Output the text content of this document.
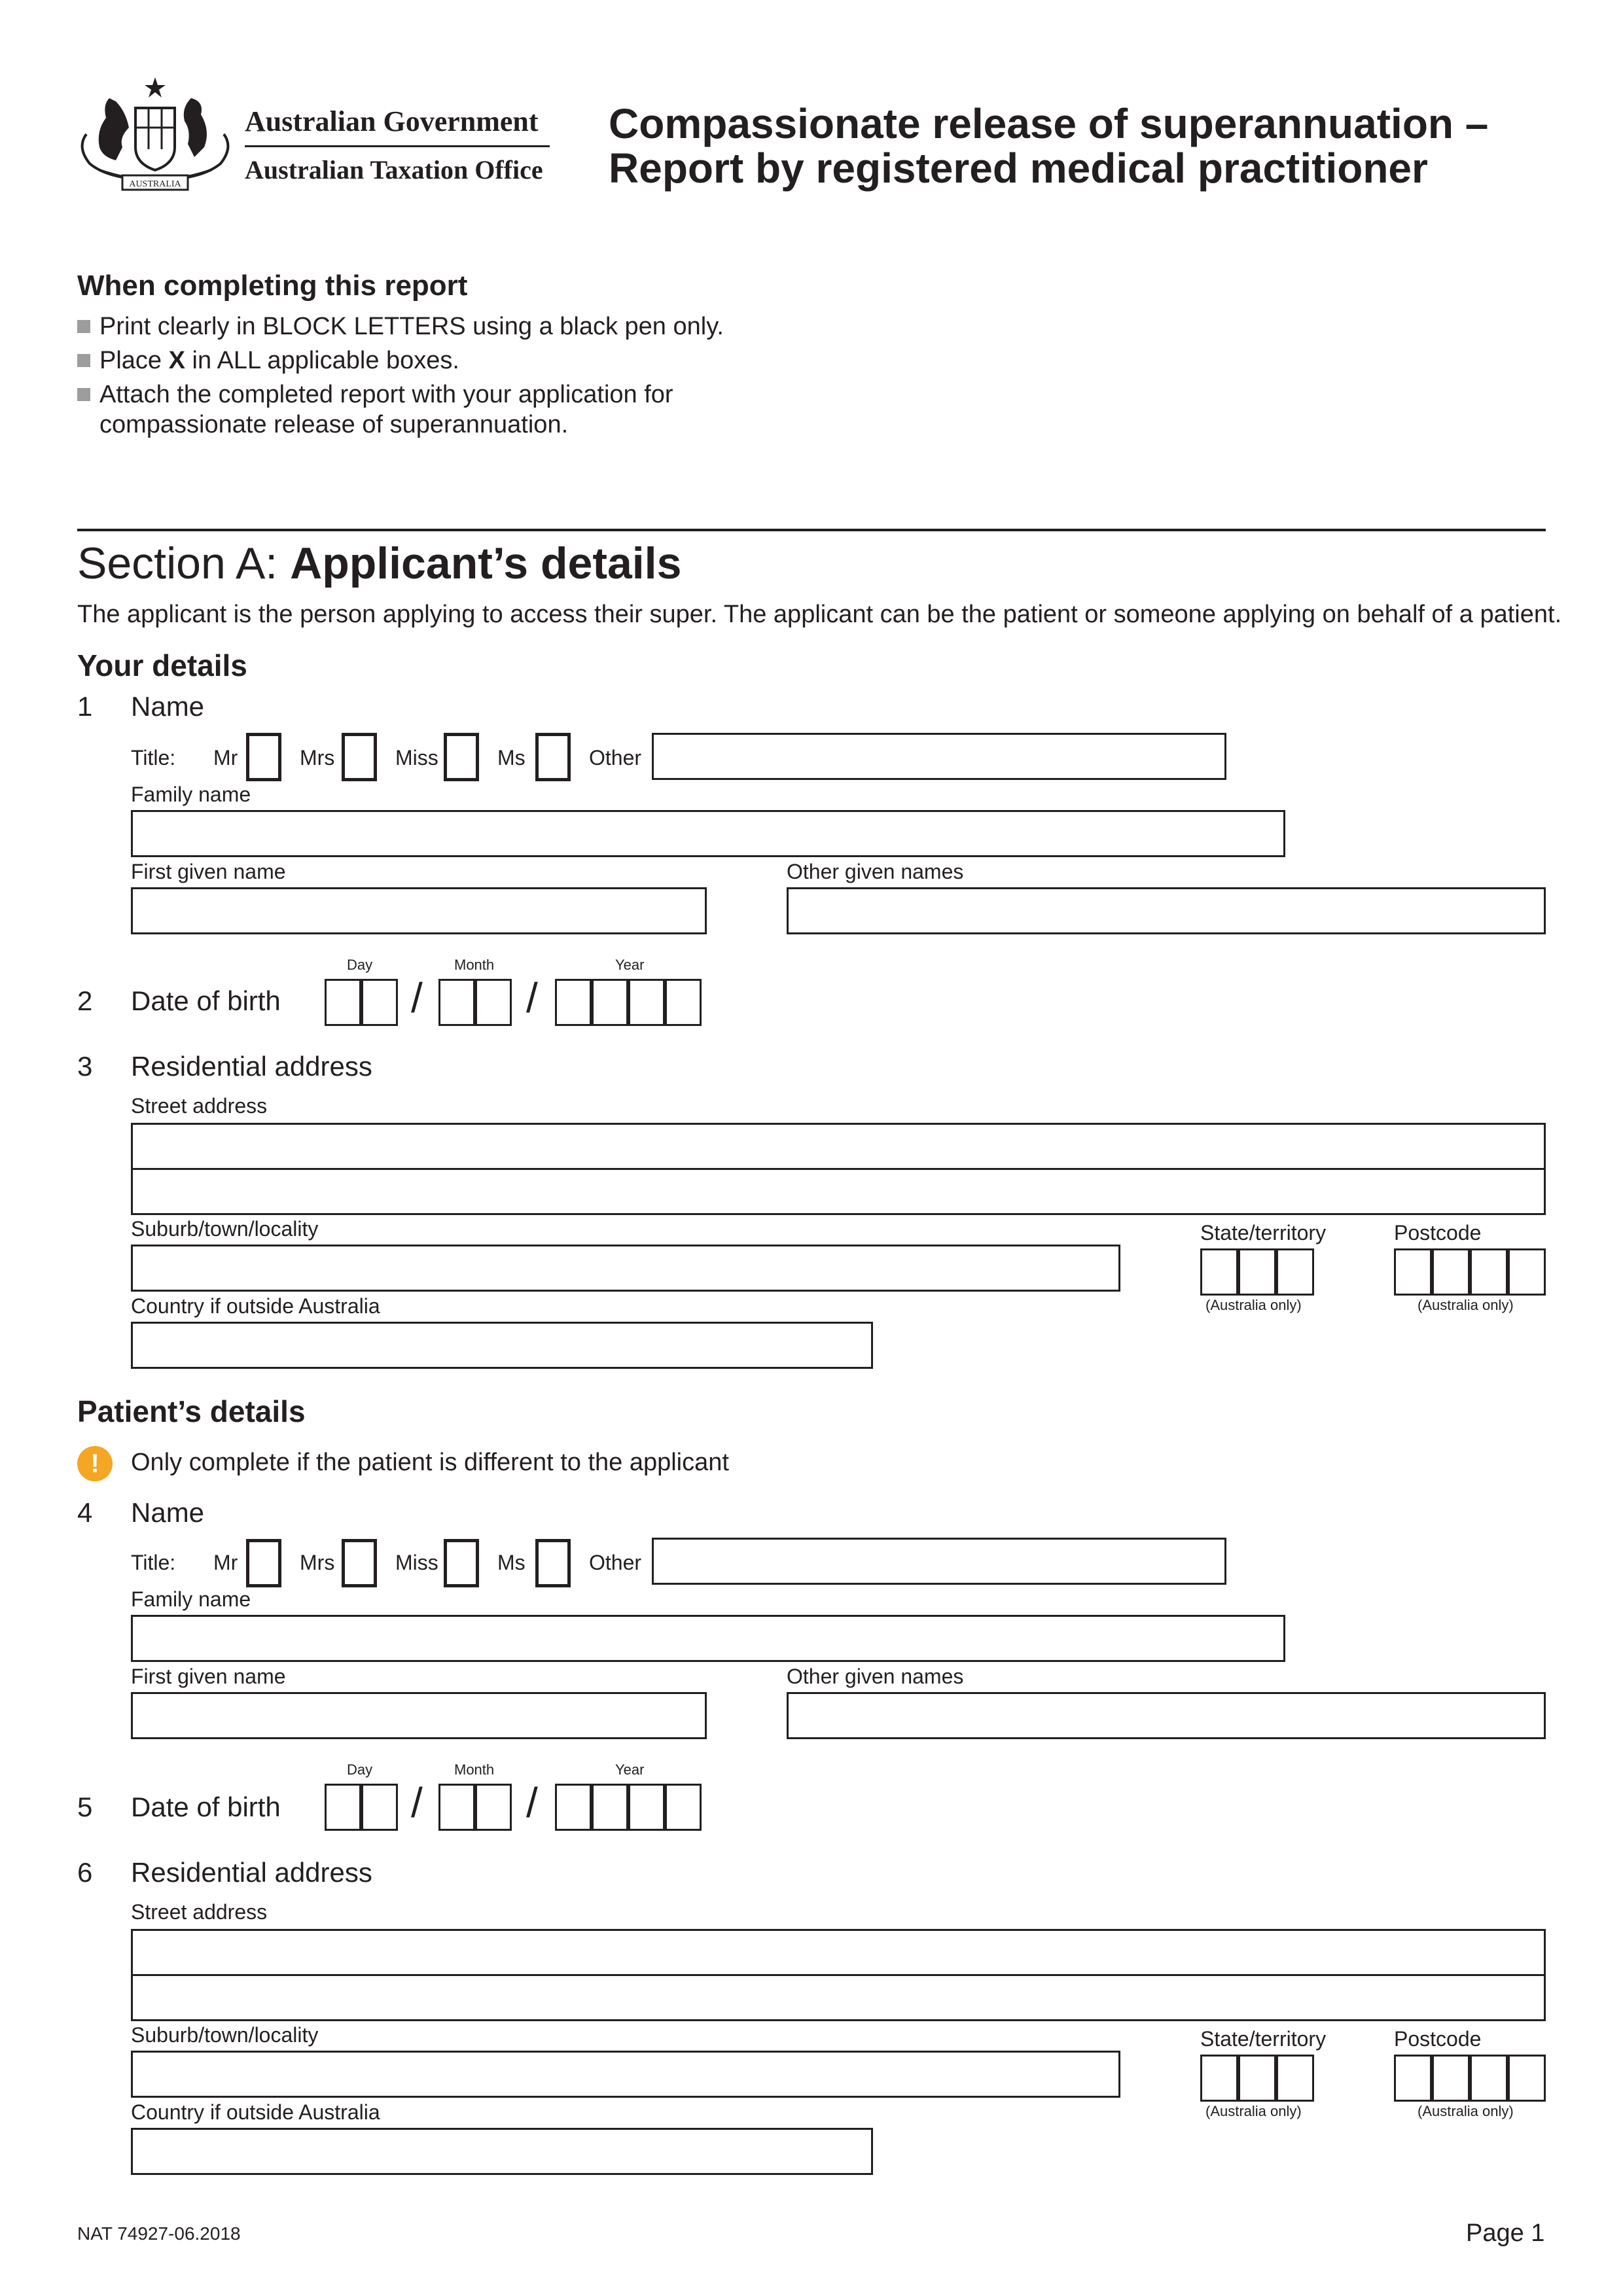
AUSTRALIA
Australian Government
Australian Taxation Office
Compassionate release of superannuation –
Report by registered medical practitioner
When completing this report
Print clearly in BLOCK LETTERS using a black pen only.
Place X in ALL applicable boxes.
Attach the completed report with your application for
compassionate release of superannuation.
Section A: Applicant’s details
The applicant is the person applying to access their super. The applicant can be the patient or someone applying on behalf of a patient.
Your details
1 Name
Title: Mr	Mrs	Miss	Ms	Other
Family name
First given name	Other given names
Day	Month	Year
2 Date of birth	/ /
3 Residential address
Street address
Suburb/town/locality	State/territory
(Australia only)
Postcode
(Australia only)
Country if outside Australia
Patient’s details
!	Only complete if the patient is different to the applicant
4 Name
Title: Mr	Mrs	Miss	Ms	Other
Family name
First given name	Other given names
Day	Month	Year
5 Date of birth	/ /
6 Residential address
Street address
Suburb/town/locality	State/territory
(Australia only)
Postcode
(Australia only)
Country if outside Australia
NAT 74927-06.2018	Page 1
